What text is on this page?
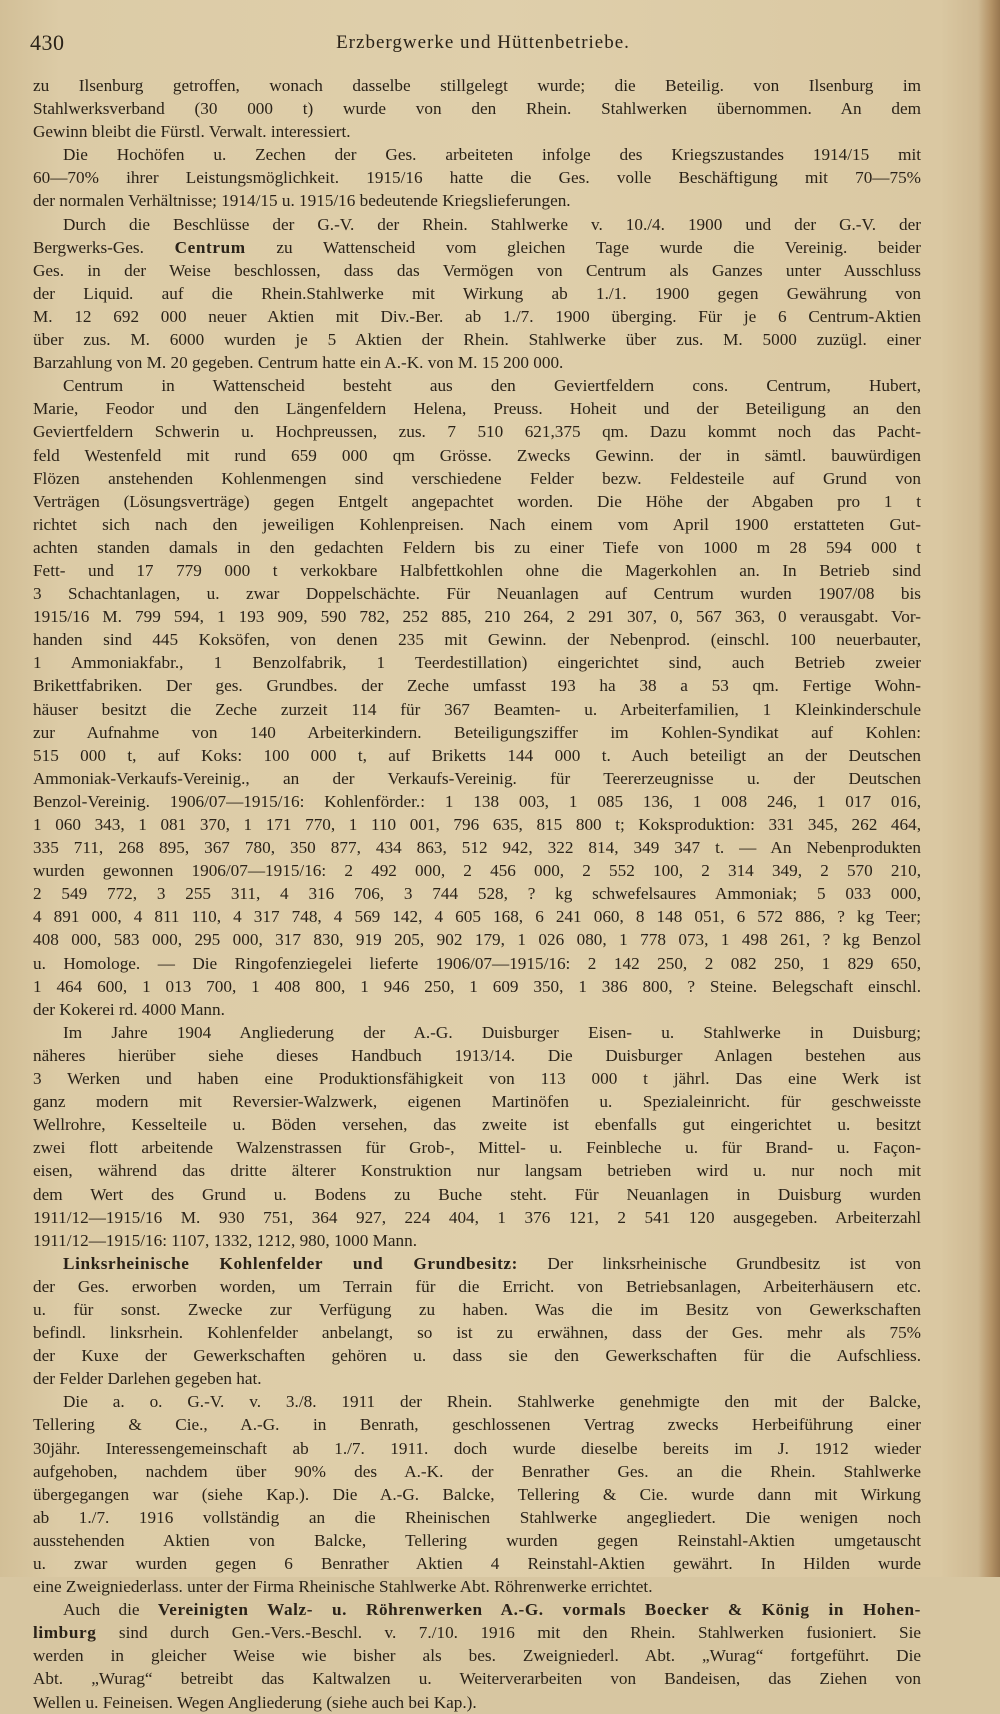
430	Erzbergwerke und Hüttenbetriebe.
zu Ilsenburg getroffen, wonach dasselbe stillgelegt wurde; die Beteilig. von Ilsenburg im
Stahlwerksverband (30 000 t) wurde von den Rhein. Stahlwerken übernommen. An dem
Gewinn bleibt die Fürstl. Verwalt. interessiert.
Die Hochöfen u. Zechen der Ges. arbeiteten infolge des Kriegszustandes 1914/15 mit
60—70% ihrer Leistungsmöglichkeit. 1915/16 hatte die Ges. volle Beschäftigung mit 70—75%
der normalen Verhältnisse; 1914/15 u. 1915/16 bedeutende Kriegslieferungen.
Durch die Beschlüsse der G.-V. der Rhein. Stahlwerke v. 10./4. 1900 und der G.-V. der
Bergwerks-Ges. Centrum zu Wattenscheid vom gleichen Tage wurde die Vereinig. beider
Ges. in der Weise beschlossen, dass das Vermögen von Centrum als Ganzes unter Ausschluss
der Liquid. auf die Rhein.Stahlwerke mit Wirkung ab 1./1. 1900 gegen Gewährung von
M. 12 692 000 neuer Aktien mit Div.-Ber. ab 1./7. 1900 überging. Für je 6 Centrum-Aktien
über zus. M. 6000 wurden je 5 Aktien der Rhein. Stahlwerke über zus. M. 5000 zuzügl. einer
Barzahlung von M. 20 gegeben. Centrum hatte ein A.-K. von M. 15 200 000.
Centrum in Wattenscheid besteht aus den Geviertfeldern cons. Centrum, Hubert,
Marie, Feodor und den Längenfeldern Helena, Preuss. Hoheit und der Beteiligung an den
Geviertfeldern Schwerin u. Hochpreussen, zus. 7 510 621,375 qm. Dazu kommt noch das Pacht-
feld Westenfeld mit rund 659 000 qm Grösse. Zwecks Gewinn. der in sämtl. bauwürdigen
Flözen anstehenden Kohlenmengen sind verschiedene Felder bezw. Feldesteile auf Grund von
Verträgen (Lösungsverträge) gegen Entgelt angepachtet worden. Die Höhe der Abgaben pro 1 t
richtet sich nach den jeweiligen Kohlenpreisen. Nach einem vom April 1900 erstatteten Gut-
achten standen damals in den gedachten Feldern bis zu einer Tiefe von 1000 m 28 594 000 t
Fett- und 17 779 000 t verkokbare Halbfettkohlen ohne die Magerkohlen an. In Betrieb sind
3 Schachtanlagen, u. zwar Doppelschächte. Für Neuanlagen auf Centrum wurden 1907/08 bis
1915/16 M. 799 594, 1 193 909, 590 782, 252 885, 210 264, 2 291 307, 0, 567 363, 0 verausgabt. Vor-
handen sind 445 Koksöfen, von denen 235 mit Gewinn. der Nebenprod. (einschl. 100 neuerbauter,
1 Ammoniakfabr., 1 Benzolfabrik, 1 Teerdestillation) eingerichtet sind, auch Betrieb zweier
Brikettfabriken. Der ges. Grundbes. der Zeche umfasst 193 ha 38 a 53 qm. Fertige Wohn-
häuser besitzt die Zeche zurzeit 114 für 367 Beamten- u. Arbeiterfamilien, 1 Kleinkinderschule
zur Aufnahme von 140 Arbeiterkindern. Beteiligungsziffer im Kohlen-Syndikat auf Kohlen:
515 000 t, auf Koks: 100 000 t, auf Briketts 144 000 t. Auch beteiligt an der Deutschen
Ammoniak-Verkaufs-Vereinig., an der Verkaufs-Vereinig. für Teererzeugnisse u. der Deutschen
Benzol-Vereinig. 1906/07—1915/16: Kohlenförder.: 1 138 003, 1 085 136, 1 008 246, 1 017 016,
1 060 343, 1 081 370, 1 171 770, 1 110 001, 796 635, 815 800 t; Koksproduktion: 331 345, 262 464,
335 711, 268 895, 367 780, 350 877, 434 863, 512 942, 322 814, 349 347 t. — An Nebenprodukten
wurden gewonnen 1906/07—1915/16: 2 492 000, 2 456 000, 2 552 100, 2 314 349, 2 570 210,
2 549 772, 3 255 311, 4 316 706, 3 744 528, ? kg schwefelsaures Ammoniak; 5 033 000,
4 891 000, 4 811 110, 4 317 748, 4 569 142, 4 605 168, 6 241 060, 8 148 051, 6 572 886, ? kg Teer;
408 000, 583 000, 295 000, 317 830, 919 205, 902 179, 1 026 080, 1 778 073, 1 498 261, ? kg Benzol
u. Homologe. — Die Ringofenziegelei lieferte 1906/07—1915/16: 2 142 250, 2 082 250, 1 829 650,
1 464 600, 1 013 700, 1 408 800, 1 946 250, 1 609 350, 1 386 800, ? Steine. Belegschaft einschl.
der Kokerei rd. 4000 Mann.
Im Jahre 1904 Angliederung der A.-G. Duisburger Eisen- u. Stahlwerke in Duisburg;
näheres hierüber siehe dieses Handbuch 1913/14. Die Duisburger Anlagen bestehen aus
3 Werken und haben eine Produktionsfähigkeit von 113 000 t jährl. Das eine Werk ist
ganz modern mit Reversier-Walzwerk, eigenen Martinöfen u. Spezialeinricht. für geschweisste
Wellrohre, Kesselteile u. Böden versehen, das zweite ist ebenfalls gut eingerichtet u. besitzt
zwei flott arbeitende Walzenstrassen für Grob-, Mittel- u. Feinbleche u. für Brand- u. Façon-
eisen, während das dritte älterer Konstruktion nur langsam betrieben wird u. nur noch mit
dem Wert des Grund u. Bodens zu Buche steht. Für Neuanlagen in Duisburg wurden
1911/12—1915/16 M. 930 751, 364 927, 224 404, 1 376 121, 2 541 120 ausgegeben. Arbeiterzahl
1911/12—1915/16: 1107, 1332, 1212, 980, 1000 Mann.
Linksrheinische Kohlenfelder und Grundbesitz: Der linksrheinische Grundbesitz ist von
der Ges. erworben worden, um Terrain für die Erricht. von Betriebsanlagen, Arbeiterhäusern etc.
u. für sonst. Zwecke zur Verfügung zu haben. Was die im Besitz von Gewerkschaften
befindl. linksrhein. Kohlenfelder anbelangt, so ist zu erwähnen, dass der Ges. mehr als 75%
der Kuxe der Gewerkschaften gehören u. dass sie den Gewerkschaften für die Aufschliess.
der Felder Darlehen gegeben hat.
Die a. o. G.-V. v. 3./8. 1911 der Rhein. Stahlwerke genehmigte den mit der Balcke,
Tellering & Cie., A.-G. in Benrath, geschlossenen Vertrag zwecks Herbeiführung einer
30jähr. Interessengemeinschaft ab 1./7. 1911. doch wurde dieselbe bereits im J. 1912 wieder
aufgehoben, nachdem über 90% des A.-K. der Benrather Ges. an die Rhein. Stahlwerke
übergegangen war (siehe Kap.). Die A.-G. Balcke, Tellering & Cie. wurde dann mit Wirkung
ab 1./7. 1916 vollständig an die Rheinischen Stahlwerke angegliedert. Die wenigen noch
ausstehenden Aktien von Balcke, Tellering wurden gegen Reinstahl-Aktien umgetauscht
u. zwar wurden gegen 6 Benrather Aktien 4 Reinstahl-Aktien gewährt. In Hilden wurde
eine Zweigniederlass. unter der Firma Rheinische Stahlwerke Abt. Röhrenwerke errichtet.
Auch die Vereinigten Walz- u. Röhrenwerken A.-G. vormals Boecker & König in Hohen-
limburg sind durch Gen.-Vers.-Beschl. v. 7./10. 1916 mit den Rhein. Stahlwerken fusioniert. Sie
werden in gleicher Weise wie bisher als bes. Zweigniederl. Abt. „Wurag“ fortgeführt. Die
Abt. „Wurag“ betreibt das Kaltwalzen u. Weiterverarbeiten von Bandeisen, das Ziehen von
Wellen u. Feineisen. Wegen Angliederung (siehe auch bei Kap.).
